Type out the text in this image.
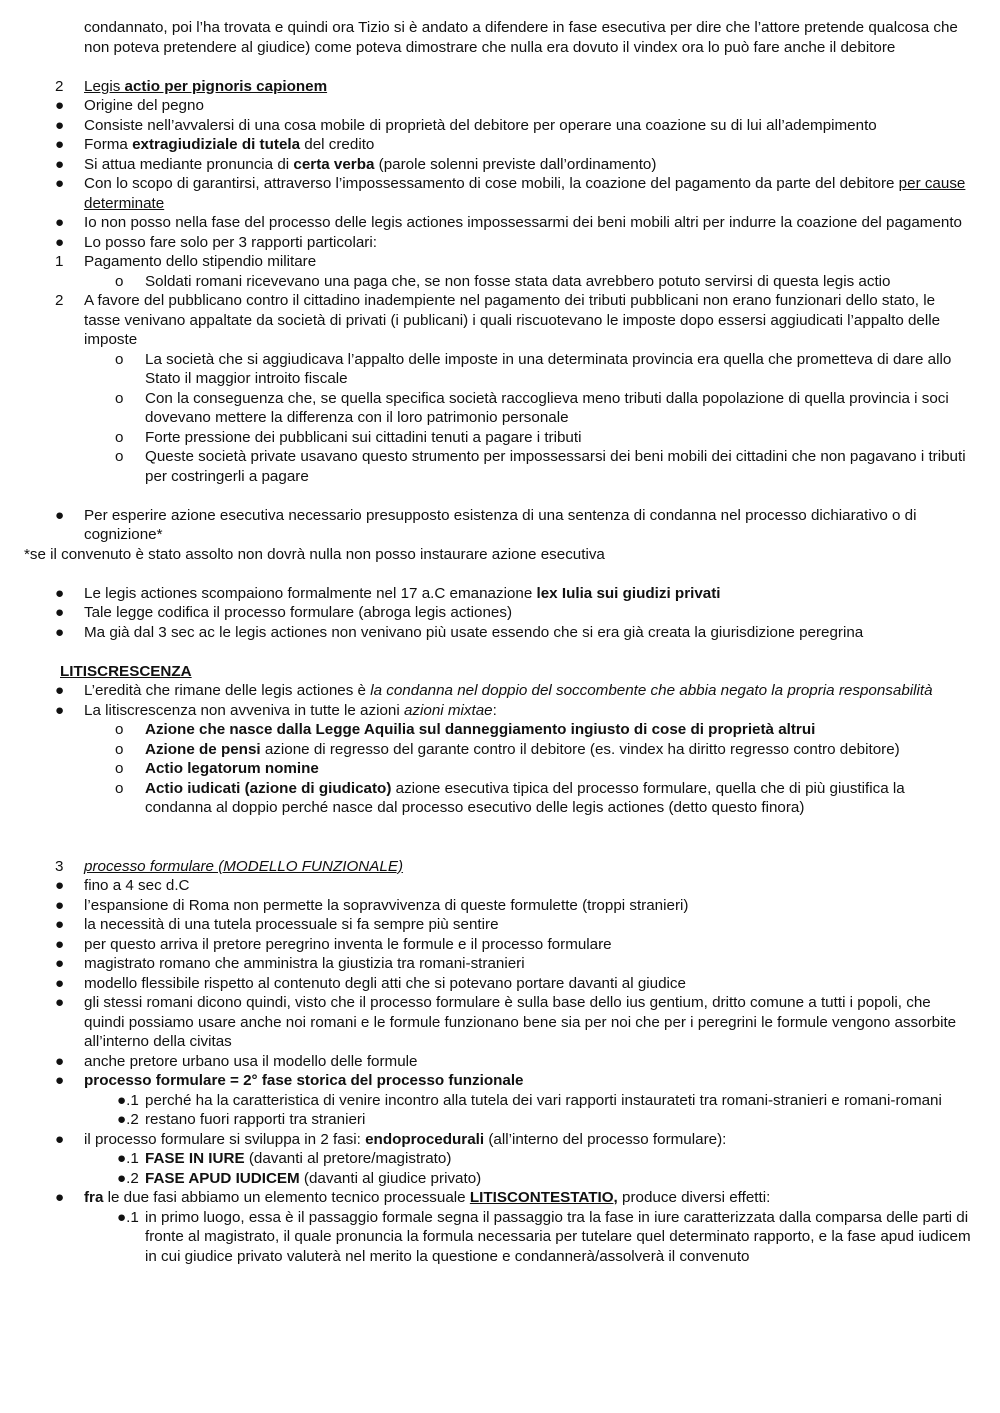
condannato, poi l’ha trovata e quindi ora Tizio si è andato a difendere in fase esecutiva per dire che l’attore pretende qualcosa che non poteva pretendere al giudice) come poteva dimostrare che nulla era dovuto il vindex ora lo può fare anche il debitore
2	Legis actio per pignoris capionem
●	Origine del pegno
●	Consiste nell’avvalersi di una cosa mobile di proprietà del debitore per operare una coazione su di lui all’adempimento
●	Forma extragiudiziale di tutela del credito
●	Si attua mediante pronuncia di certa verba (parole solenni previste dall’ordinamento)
●	Con lo scopo di garantirsi, attraverso l’impossessamento di cose mobili, la coazione del pagamento da parte del debitore per cause determinate
●	Io non posso nella fase del processo delle legis actiones impossessarmi dei beni mobili altri per indurre la coazione del pagamento
●	Lo posso fare solo per 3 rapporti particolari:
1	Pagamento dello stipendio militare
o	Soldati romani ricevevano una paga che, se non fosse stata data avrebbero potuto servirsi di questa legis actio
2	A favore del pubblicano contro il cittadino inadempiente nel pagamento dei tributi pubblicani non erano funzionari dello stato, le tasse venivano appaltate da società di privati (i publicani) i quali riscuotevano le imposte dopo essersi aggiudicati l’appalto delle imposte
o	La società che si aggiudicava l’appalto delle imposte in una determinata provincia era quella che prometteva di dare allo Stato il maggior introito fiscale
o	Con la conseguenza che, se quella specifica società raccoglieva meno tributi dalla popolazione di quella provincia i soci dovevano mettere la differenza con il loro patrimonio personale
o	Forte pressione dei pubblicani sui cittadini tenuti a pagare i tributi
o	Queste società private usavano questo strumento per impossessarsi dei beni mobili dei cittadini che non pagavano i tributi per costringerli a pagare
●	Per esperire azione esecutiva necessario presupposto esistenza di una sentenza di condanna nel processo dichiarativo o di cognizione*
*se il convenuto è stato assolto non dovrà nulla non posso instaurare azione esecutiva
●	Le legis actiones scompaiono formalmente nel 17 a.C emanazione lex Iulia sui giudizi privati
●	Tale legge codifica il processo formulare (abroga legis actiones)
●	Ma già dal 3 sec ac le legis actiones non venivano più usate essendo che si era già creata la giurisdizione peregrina
LITISCRESCENZA
●	L’eredità che rimane delle legis actiones è la condanna nel doppio del soccombente che abbia negato la propria responsabilità
●	La litiscrescenza non avveniva in tutte le azioni azioni mixtae:
o	Azione che nasce dalla Legge Aquilia sul danneggiamento ingiusto di cose di proprietà altrui
o	Azione de pensi azione di regresso del garante contro il debitore (es. vindex ha diritto regresso contro debitore)
o	Actio legatorum nomine
o	Actio iudicati (azione di giudicato) azione esecutiva tipica del processo formulare, quella che di più giustifica la condanna al doppio perché nasce dal processo esecutivo delle legis actiones (detto questo finora)
3	processo formulare (MODELLO FUNZIONALE)
●	fino a 4 sec d.C
●	l’espansione di Roma non permette la sopravvivenza di queste formulette (troppi stranieri)
●	la necessità di una tutela processuale si fa sempre più sentire
●	per questo arriva il pretore peregrino inventa le formule e il processo formulare
●	magistrato romano che amministra la giustizia tra romani-stranieri
●	modello flessibile rispetto al contenuto degli atti che si potevano portare davanti al giudice
●	gli stessi romani dicono quindi, visto che il processo formulare è sulla base dello ius gentium, dritto comune a tutti i popoli, che quindi possiamo usare anche noi romani e le formule funzionano bene sia per noi che per i peregrini le formule vengono assorbite all’interno della civitas
●	anche pretore urbano usa il modello delle formule
●	processo formulare = 2° fase storica del processo funzionale
●.1 perché ha la caratteristica di venire incontro alla tutela dei vari rapporti instaurateti tra romani-stranieri e romani-romani
●.2 restano fuori rapporti tra stranieri
●	il processo formulare si sviluppa in 2 fasi: endoprocedurali (all’interno del processo formulare):
●.1 FASE IN IURE (davanti al pretore/magistrato)
●.2 FASE APUD IUDICEM (davanti al giudice privato)
●	fra le due fasi abbiamo un elemento tecnico processuale LITISCONTESTATIO, produce diversi effetti:
●.1 in primo luogo, essa è il passaggio formale segna il passaggio tra la fase in iure caratterizzata dalla comparsa delle parti di fronte al magistrato, il quale pronuncia la formula necessaria per tutelare quel determinato rapporto, e la fase apud iudicem in cui giudice privato valuterà nel merito la questione e condannerà/assolverà il convenuto
